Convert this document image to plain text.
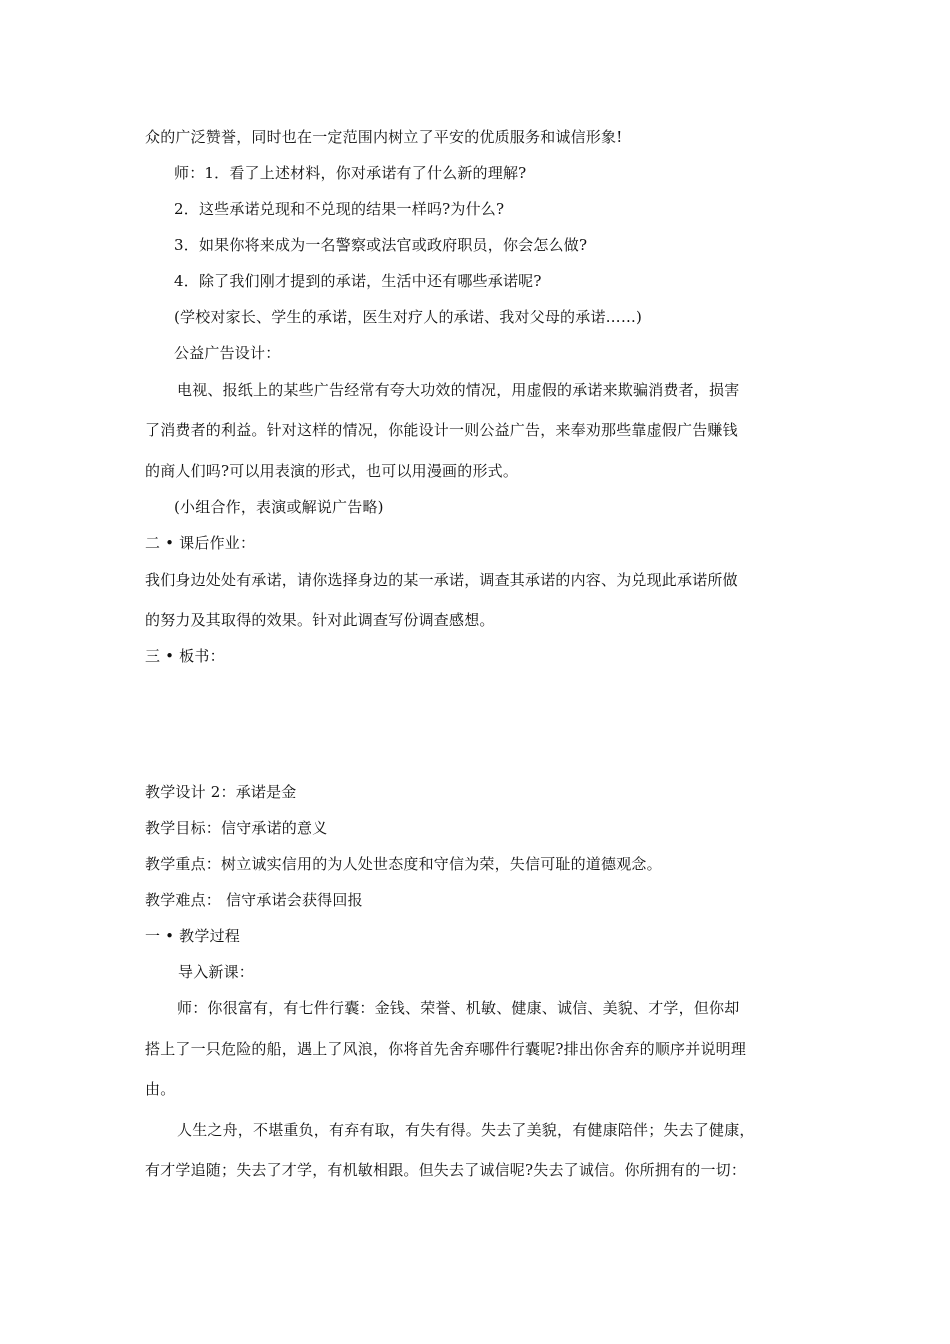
众的广泛赞誉，同时也在一定范围内树立了平安的优质服务和诚信形象!
师：1．看了上述材料，你对承诺有了什么新的理解?
2．这些承诺兑现和不兑现的结果一样吗?为什么?
3．如果你将来成为一名警察或法官或政府职员，你会怎么做?
4．除了我们刚才提到的承诺，生活中还有哪些承诺呢?
(学校对家长、学生的承诺，医生对疗人的承诺、我对父母的承诺……)
公益广告设计：
电视、报纸上的某些广告经常有夸大功效的情况，用虚假的承诺来欺骗消费者，损害
了消费者的利益。针对这样的情况，你能设计一则公益广告，来奉劝那些靠虚假广告赚钱
的商人们吗?可以用表演的形式，也可以用漫画的形式。
(小组合作，表演或解说广告略)
二 • 课后作业：
我们身边处处有承诺，请你选择身边的某一承诺，调查其承诺的内容、为兑现此承诺所做
的努力及其取得的效果。针对此调查写份调查感想。
三 • 板书：
教学设计 2：承诺是金
教学目标：信守承诺的意义
教学重点：树立诚实信用的为人处世态度和守信为荣，失信可耻的道德观念。
教学难点： 信守承诺会获得回报
一 • 教学过程
导入新课：
师：你很富有，有七件行囊：金钱、荣誉、机敏、健康、诚信、美貌、才学，但你却
搭上了一只危险的船，遇上了风浪，你将首先舍弃哪件行囊呢?排出你舍弃的顺序并说明理
由。
人生之舟，不堪重负，有弃有取，有失有得。失去了美貌，有健康陪伴；失去了健康，
有才学追随；失去了才学，有机敏相跟。但失去了诚信呢?失去了诚信。你所拥有的一切：
